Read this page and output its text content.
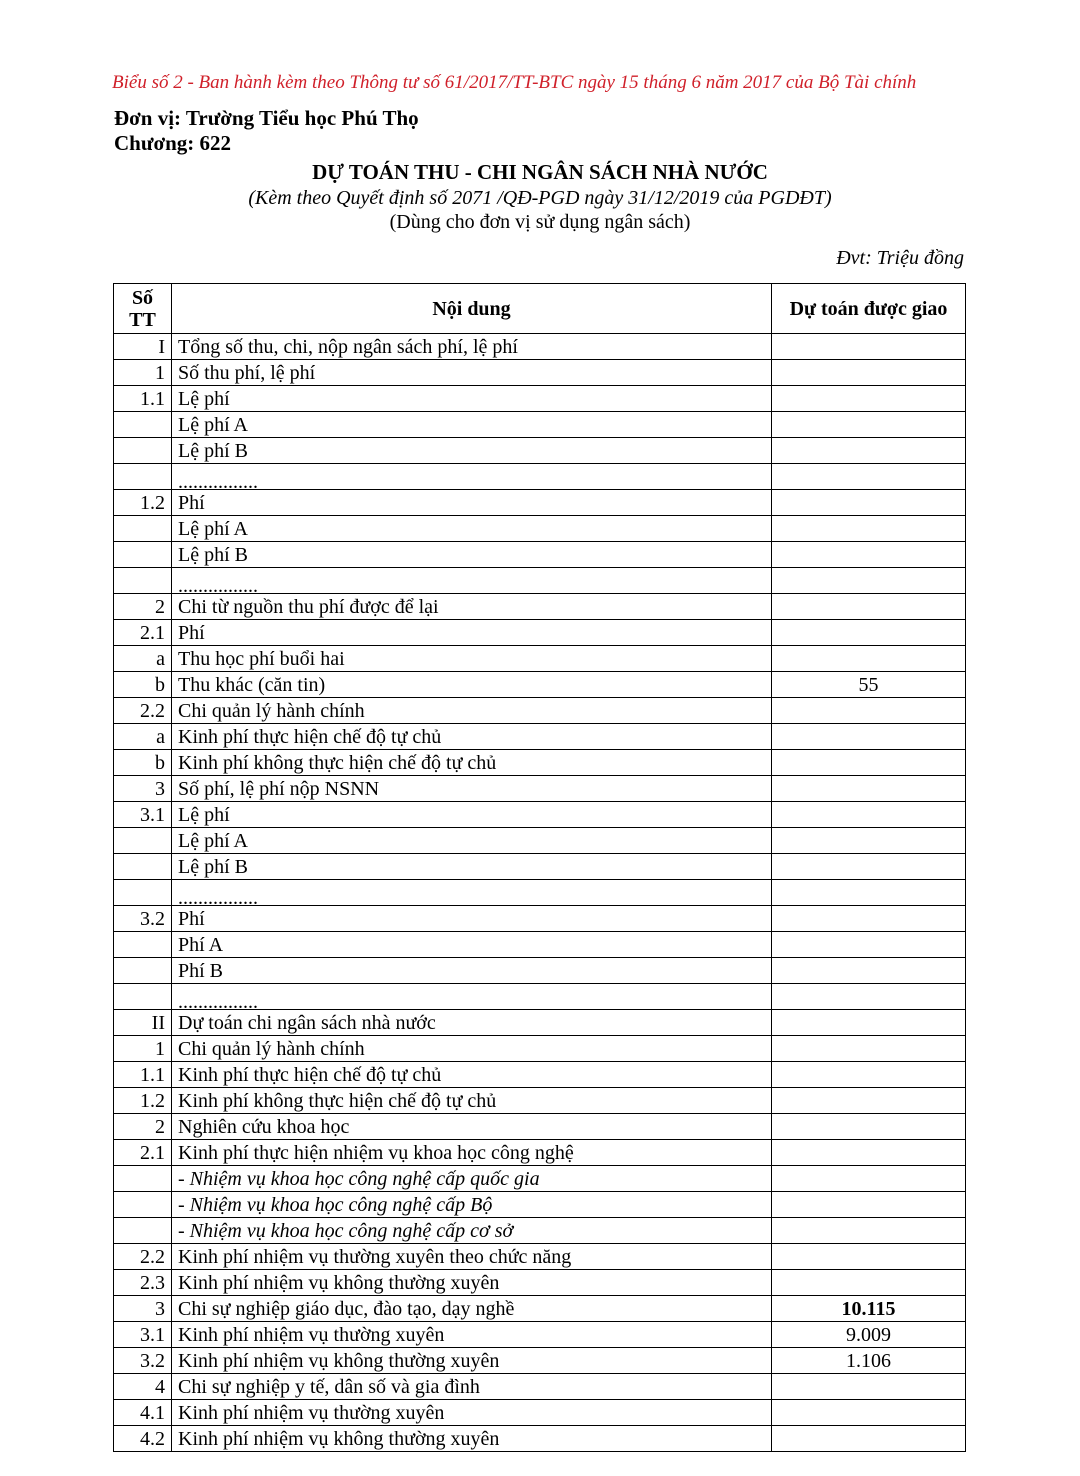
Biểu số 2 - Ban hành kèm theo Thông tư số 61/2017/TT-BTC ngày 15 tháng 6 năm 2017 của Bộ Tài chính
Đơn vị: Trường Tiểu học Phú Thọ
Chương: 622
DỰ TOÁN THU - CHI NGÂN SÁCH NHÀ NƯỚC
(Kèm theo Quyết định số 2071 /QĐ-PGD ngày 31/12/2019 của PGDĐT)
(Dùng cho đơn vị sử dụng ngân sách)
Đvt: Triệu đồng
Số TT	Nội dung	Dự toán được giao
I	Tổng số thu, chi, nộp ngân sách phí, lệ phí	
1	Số thu phí, lệ phí	
1.1	Lệ phí	
	Lệ phí A	
	Lệ phí B	
	................	
1.2	Phí	
	Lệ phí A	
	Lệ phí B	
	................	
2	Chi từ nguồn thu phí được để lại	
2.1	Phí	
a	Thu học phí buổi hai	
b	Thu khác (căn tin)	55
2.2	Chi quản lý hành chính	
a	Kinh phí thực hiện chế độ tự chủ	
b	Kinh phí không thực hiện chế độ tự chủ	
3	Số phí, lệ phí nộp NSNN	
3.1	Lệ phí	
	Lệ phí A	
	Lệ phí B	
	................	
3.2	Phí	
	Phí A	
	Phí B	
	................	
II	Dự toán chi ngân sách nhà nước	
1	Chi quản lý hành chính	
1.1	Kinh phí thực hiện chế độ tự chủ	
1.2	Kinh phí không thực hiện chế độ tự chủ	
2	Nghiên cứu khoa học	
2.1	Kinh phí thực hiện nhiệm vụ khoa học công nghệ	
	- Nhiệm vụ khoa học công nghệ cấp quốc gia	
	- Nhiệm vụ khoa học công nghệ cấp Bộ	
	- Nhiệm vụ khoa học công nghệ cấp cơ sở	
2.2	Kinh phí nhiệm vụ thường xuyên theo chức năng	
2.3	Kinh phí nhiệm vụ không thường xuyên	
3	Chi sự nghiệp giáo dục, đào tạo, dạy nghề	10.115
3.1	Kinh phí nhiệm vụ thường xuyên	9.009
3.2	Kinh phí nhiệm vụ không thường xuyên	1.106
4	Chi sự nghiệp y tế, dân số và gia đình	
4.1	Kinh phí nhiệm vụ thường xuyên	
4.2	Kinh phí nhiệm vụ không thường xuyên	
